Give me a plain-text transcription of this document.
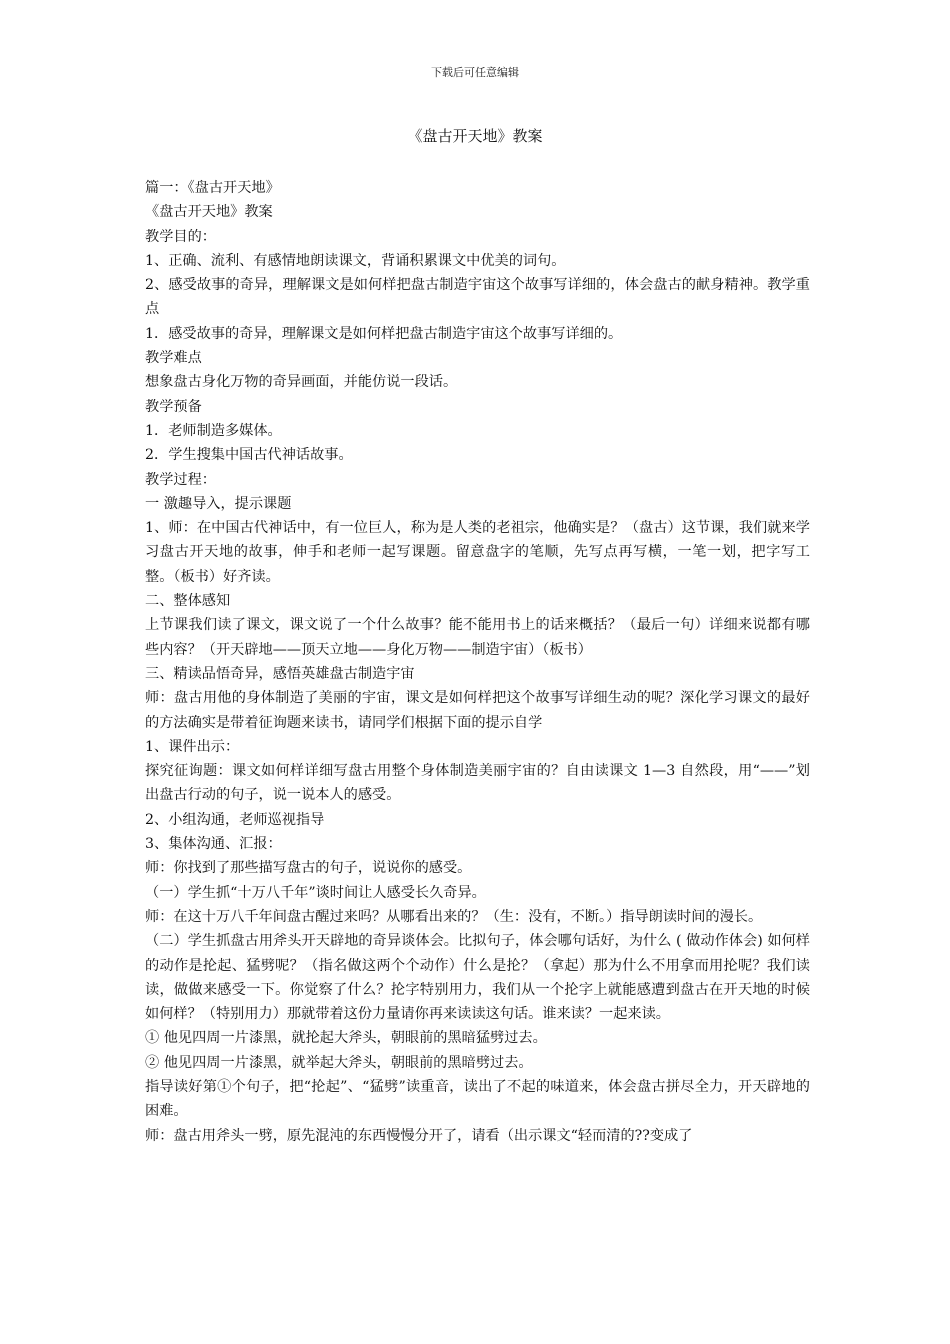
下载后可任意编辑
《盘古开天地》教案

篇一：《盘古开天地》

《盘古开天地》教案

教学目的：

1、正确、流利、有感情地朗读课文，背诵积累课文中优美的词句。

2、感受故事的奇异，理解课文是如何样把盘古制造宇宙这个故事写详细的，体会盘古的献身精神。教学重点

1．感受故事的奇异，理解课文是如何样把盘古制造宇宙这个故事写详细的。

教学难点

想象盘古身化万物的奇异画面，并能仿说一段话。

教学预备

1．老师制造多媒体。

2．学生搜集中国古代神话故事。

教学过程：

一 激趣导入，提示课题

1、师：在中国古代神话中，有一位巨人，称为是人类的老祖宗，他确实是？（盘古）这节课，我们就来学习盘古开天地的故事，伸手和老师一起写课题。留意盘字的笔顺，先写点再写横，一笔一划，把字写工整。（板书）好齐读。

二、整体感知

上节课我们读了课文，课文说了一个什么故事？能不能用书上的话来概括？（最后一句）详细来说都有哪些内容？（开天辟地——顶天立地——身化万物——制造宇宙）（板书）

三、精读品悟奇异，感悟英雄盘古制造宇宙

师：盘古用他的身体制造了美丽的宇宙，课文是如何样把这个故事写详细生动的呢？深化学习课文的最好的方法确实是带着征询题来读书，请同学们根据下面的提示自学

1、课件出示：

探究征询题：课文如何样详细写盘古用整个身体制造美丽宇宙的？自由读课文 1—3 自然段，用“——”划出盘古行动的句子，说一说本人的感受。

2、小组沟通，老师巡视指导

3、集体沟通、汇报：

师：你找到了那些描写盘古的句子，说说你的感受。

（一）学生抓“十万八千年”谈时间让人感受长久奇异。

师：在这十万八千年间盘古醒过来吗？从哪看出来的？（生：没有，不断。）指导朗读时间的漫长。

（二）学生抓盘古用斧头开天辟地的奇异谈体会。比拟句子，体会哪句话好，为什么 ( 做动作体会) 如何样的动作是抡起、猛劈呢？（指名做这两个个动作）什么是抡？（拿起）那为什么不用拿而用抡呢？我们读读，做做来感受一下。你觉察了什么？抡字特别用力，我们从一个抡字上就能感遭到盘古在开天地的时候如何样？（特别用力）那就带着这份力量请你再来读读这句话。谁来读？一起来读。

① 他见四周一片漆黑，就抡起大斧头，朝眼前的黑暗猛劈过去。

② 他见四周一片漆黑，就举起大斧头，朝眼前的黑暗劈过去。

指导读好第①个句子，把“抡起”、“猛劈”读重音，读出了不起的味道来，体会盘古拼尽全力，开天辟地的困难。

师：盘古用斧头一劈，原先混沌的东西慢慢分开了，请看（出示课文“轻而清的??变成了
